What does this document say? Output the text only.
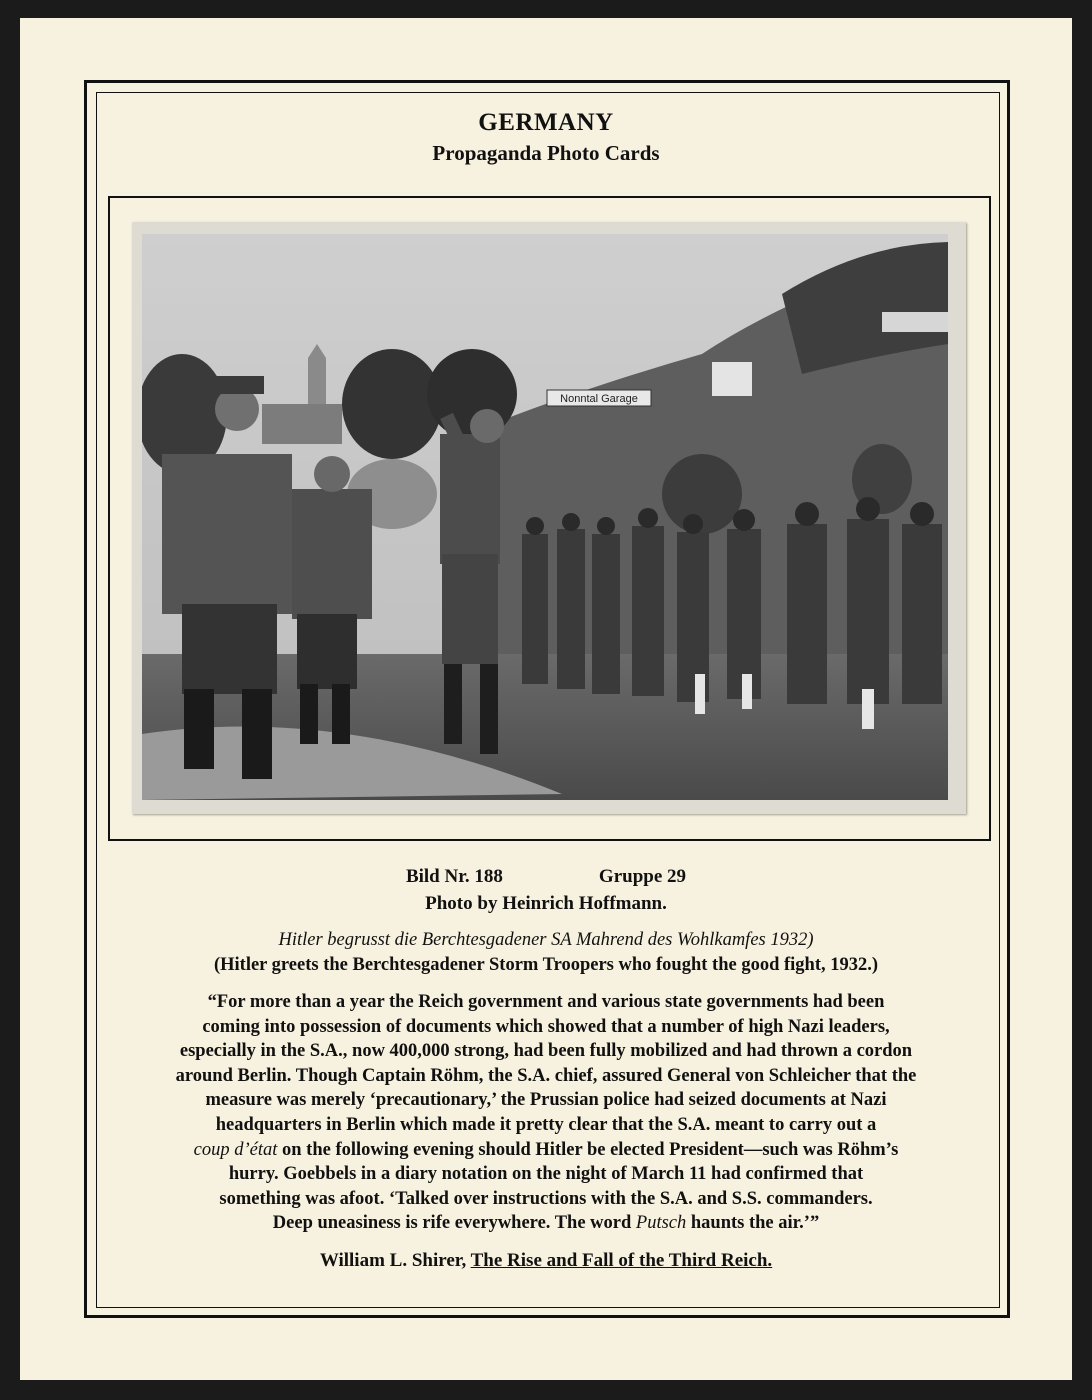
GERMANY
Propaganda Photo Cards
Nonntal Garage
Bild Nr. 188	Gruppe 29
Photo by Heinrich Hoffmann.
Hitler begrusst die Berchtesgadener SA Mahrend des Wohlkamfes 1932)
(Hitler greets the Berchtesgadener Storm Troopers who fought the good fight, 1932.)
“For more than a year the Reich government and various state governments had been
coming into possession of documents which showed that a number of high Nazi leaders,
especially in the S.A., now 400,000 strong, had been fully mobilized and had thrown a cordon
around Berlin. Though Captain Röhm, the S.A. chief, assured General von Schleicher that the
measure was merely ‘precautionary,’ the Prussian police had seized documents at Nazi
headquarters in Berlin which made it pretty clear that the S.A. meant to carry out a
coup d’état on the following evening should Hitler be elected President—such was Röhm’s
hurry. Goebbels in a diary notation on the night of March 11 had confirmed that
something was afoot. ‘Talked over instructions with the S.A. and S.S. commanders.
Deep uneasiness is rife everywhere. The word Putsch haunts the air.’”
William L. Shirer, The Rise and Fall of the Third Reich.
